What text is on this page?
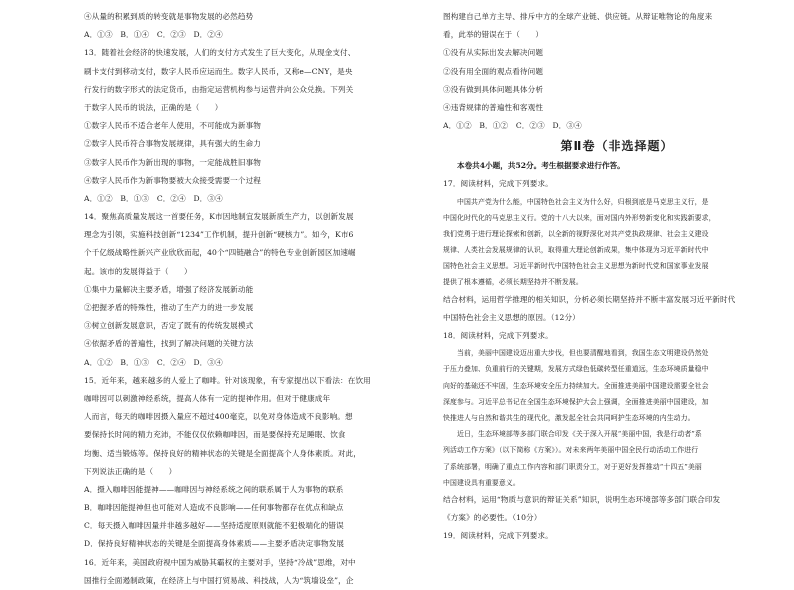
④从量的积累到质的转变就是事物发展的必然趋势
A．①③　B．①④　C．②③　D．②④
13．随着社会经济的快速发展，人们的支付方式发生了巨大变化，从现金支付、
刷卡支付到移动支付，数字人民币应运而生。数字人民币，又称e—CNY，是央
行发行的数字形式的法定货币，由指定运营机构参与运营并向公众兑换。下列关
于数字人民币的说法，正确的是（　　）
①数字人民币不适合老年人使用，不可能成为新事物
②数字人民币符合事物发展规律，具有强大的生命力
③数字人民币作为新出现的事物，一定能战胜旧事物
④数字人民币作为新事物要被大众接受需要一个过程
A．①②　B．①③　C．②④　D．③④
14．聚焦高质量发展这一首要任务，K市因地制宜发展新质生产力，以创新发展
理念为引领，实施科技创新“1234”工作机制，提升创新“硬核力”。如今，K市6
个千亿级战略性新兴产业欣欣而起，40个“四链融合”的特色专业创新园区加速崛
起。该市的发展得益于（　　）
①集中力量解决主要矛盾，增强了经济发展新动能
②把握矛盾的特殊性，推动了生产力的进一步发展
③树立创新发展意识，否定了既有的传统发展模式
④依据矛盾的普遍性，找到了解决问题的关键方法
A．①②　B．①③　C．②④　D．③④
15．近年来，越来越多的人爱上了咖啡。针对该现象，有专家提出以下看法：在饮用
咖啡因可以刺激神经系统，提高人体有一定的提神作用。但对于健康成年
人而言，每天的咖啡因摄入量应不超过400毫克，以免对身体造成不良影响。想
要保持长时间的精力充沛，不能仅仅依赖咖啡因，而是要保持充足睡眠、饮食
均衡、适当锻炼等。保持良好的精神状态的关键是全面提高个人身体素质。对此，
下列说法正确的是（　　）
A．摄入咖啡因能提神——咖啡因与神经系统之间的联系属于人为事物的联系
B．咖啡因能提神但也可能对人造成不良影响——任何事物都存在优点和缺点
C．每天摄入咖啡因量并非越多越好——坚持适度原则就能不犯极端化的错误
D．保持良好精神状态的关键是全面提高身体素质——主要矛盾决定事物发展
16．近年来，美国政府视中国为威胁其霸权的主要对手，坚持“冷战”思维，对中
国推行全面遏制政策，在经济上与中国打贸易战、科技战，人为“筑墙设垒”，企
图构建自己单方主导、排斥中方的全球产业链、供应链。从辩证唯物论的角度来
看，此举的错误在于（　　）
①没有从实际出发去解决问题
②没有用全面的观点看待问题
③没有做到具体问题具体分析
④违背规律的普遍性和客观性
A．①②　B．①②　C．②③　D．③④
第Ⅱ卷（非选择题）
本卷共4小题，共52分。考生根据要求进行作答。
17．阅读材料，完成下列要求。
中国共产党为什么能，中国特色社会主义为什么好，归根到底是马克思主义行，是
中国化时代化的马克思主义行。党的十八大以来，面对国内外形势新变化和实践新要求，
我们党勇于进行理论探索和创新，以全新的视野深化对共产党执政规律、社会主义建设
规律、人类社会发展规律的认识，取得重大理论创新成果，集中体现为习近平新时代中
国特色社会主义思想。习近平新时代中国特色社会主义思想为新时代党和国家事业发展
提供了根本遵循，必须长期坚持并不断发展。
结合材料，运用哲学推理的相关知识，分析必须长期坚持并不断丰富发展习近平新时代
中国特色社会主义思想的原因。（12分）
18．阅读材料，完成下列要求。
当前，美丽中国建设迈出重大步伐，但也要清醒地看到，我国生态文明建设仍然处
于压力叠加、负重前行的关键期，发展方式绿色低碳转型任重道远，生态环境质量稳中
向好的基础还不牢固，生态环境安全压力持续加大。全面推进美丽中国建设需要全社会
深度参与。习近平总书记在全国生态环境保护大会上强调，全面推进美丽中国建设，加
快推进人与自然和谐共生的现代化，激发起全社会共同呵护生态环境的内生动力。
近日，生态环境部等多部门联合印发《关于深入开展“美丽中国，我是行动者”系
列活动工作方案》（以下简称《方案》）。对未来两年美丽中国全民行动活动工作进行
了系统部署，明确了重点工作内容和部门职责分工，对于更好发挥推动“十四五”美丽
中国建设具有重要意义。
结合材料，运用“物质与意识的辩证关系”知识，说明生态环境部等多部门联合印发
《方案》的必要性。（10分）
19．阅读材料，完成下列要求。
